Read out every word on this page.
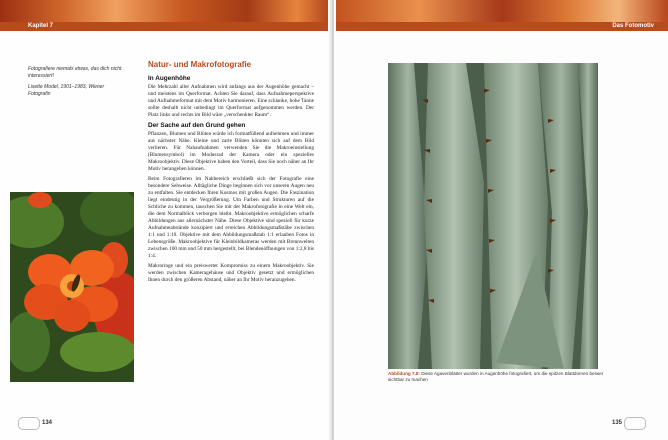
Kapitel 7
Fotografiere niemals etwas, das dich nicht interessiert!
Lisette Model, 1901–1983, Wiener Fotografin
Natur- und Makrofotografie
In Augenhöhe

Die Mehrzahl aller Aufnahmen wird anfangs aus der Augenhöhe gemacht – und meistens im Querformat. Achten Sie darauf, dass Aufnahmeperspektive und Aufnahmeformat mit dem Motiv harmonieren. Eine schlanke, hohe Tanne sollte deshalb nicht unbedingt im Querformat aufgenommen werden. Der Platz links und rechts im Bild wäre „verschenkter Raum“.

Der Sache auf den Grund gehen

Pflanzen, Blumen und Blüten würde ich formatfüllend aufnehmen und immer aus nächster Nähe. Kleine und zarte Blüten könnten sich auf dem Bild verlieren. Für Nahaufnahmen verwenden Sie die Makroeinstellung (Blumensymbol) im Modusrad der Kamera oder ein spezielles Makroobjektiv. Diese Objektive haben den Vorteil, dass Sie noch näher an Ihr Motiv herangehen können.

Beim Fotografieren im Nahbereich erschließt sich der Fotografie eine besondere Sehweise. Alltägliche Dinge beginnen sich vor unseren Augen neu zu entfalten. Sie entdecken Ihren Kosmos mit großen Augen. Die Faszination liegt eindeutig in der Vergrößerung. Um Farben und Strukturen auf die Schliche zu kommen, tauschen Sie mit der Makrofotografie in eine Welt ein, die dem Normalblick verborgen bleibt. Makroobjektive ermöglichen scharfe Abbildungen aus allernächster Nähe. Diese Objektive sind speziell für kurze Aufnahmeabstände konzipiert und erreichen Abbildungsmaßstäbe zwischen 1:1 und 1:10. Objektive mit dem Abbildungsmaßstab 1:1 erlauben Fotos in Lebensgröße. Makroobjektive für Kleinbildkameras werden mit Brennweiten zwischen 100 mm und 50 mm hergestellt, bei Blendenöffnungen von 1:2,8 bis 1:4.

Makroringe und ein preiswerter Kompromiss zu einem Makroobjektiv. Sie werden zwischen Kameragehäuse und Objektiv gesetzt und ermöglichen Ihnen durch den größeren Abstand, näher an Ihr Motiv heranzugehen.

134
Das Fotomotiv
Abbildung 7.8: Diese Agavenblätter wurden in Augenhöhe fotografiert, um die spitzen Blattdornen besser sichtbar zu machen
135
